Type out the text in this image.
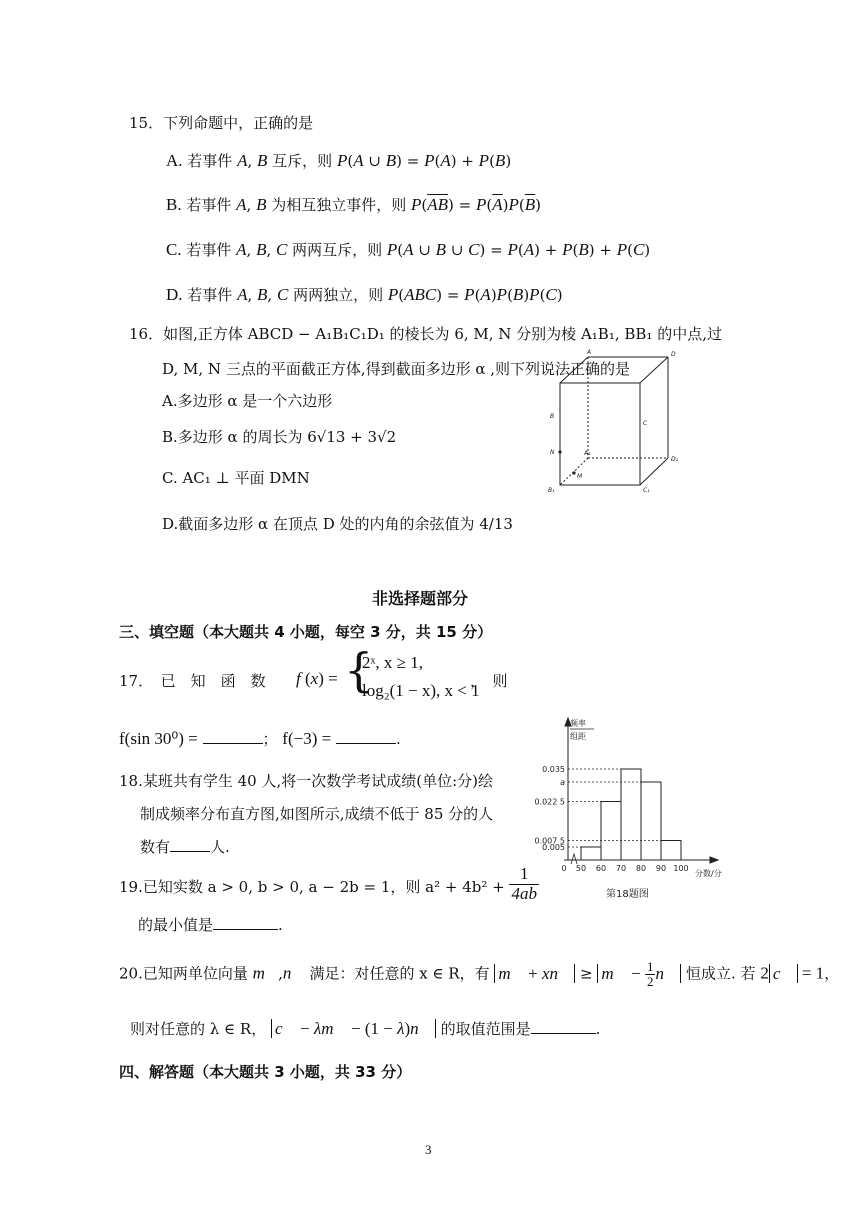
15．下列命题中，正确的是
A. 若事件 A, B 互斥，则 P(A ∪ B) = P(A) + P(B)
B. 若事件 A, B 为相互独立事件，则 $P(\overline{AB}) = P(\overline{A})P(\overline{B})$
C. 若事件 A, B, C 两两互斥，则 P(A ∪ B ∪ C) = P(A) + P(B) + P(C)
D. 若事件 A, B, C 两两独立，则 P(ABC) = P(A)P(B)P(C)
16．如图,正方体 ABCD − A₁B₁C₁D₁ 的棱长为 6, M, N 分别为棱 A₁B₁, BB₁ 的中点,过
D, M, N 三点的平面截正方体,得到截面多边形 α ,则下列说法正确的是
A.多边形 α 是一个六边形
B.多边形 α 的周长为 6√13 + 3√2
C. AC₁ ⊥ 平面 DMN
D.截面多边形 α 在顶点 D 处的内角的余弦值为 4/13
A	D
B
C
N	A₁
D₁
M
B₁	C₁
非选择题部分
三、填空题（本大题共 4 小题，每空 3 分，共 15 分）
17．　已　知　函　数 f (x) = {
2ˣ, x ≥ 1,
log₂(1 − x), x < 1
，　则
f(sin 30⁰) =	； f(−3) =	.
18.某班共有学生 40 人,将一次数学考试成绩(单位:分)绘
制成频率分布直方图,如图所示,成绩不低于 85 分的人
数有	人.
频率
组距
分数/分
第18题图
0.005
0.007 5
0.022 5
a
0.035
0 50 60 70 80 90 100
19.已知实数 a > 0, b > 0, a − 2b = 1，则 $a^2 + 4b^2 + \frac{1}{4ab}$
的最小值是	.
20.已知两单位向量 m⃗,n⃗ 满足：对任意的 x ∈ R，有 m⃗ + xn⃗ ≥ m⃗ − $\frac{1}{2}$ n⃗ 恒成立. 若 2 c⃗ = 1，
则对任意的 λ ∈ R， c⃗ − λm⃗ − (1 − λ)n⃗ 的取值范围是	.
四、解答题（本大题共 3 小题，共 33 分）
3
